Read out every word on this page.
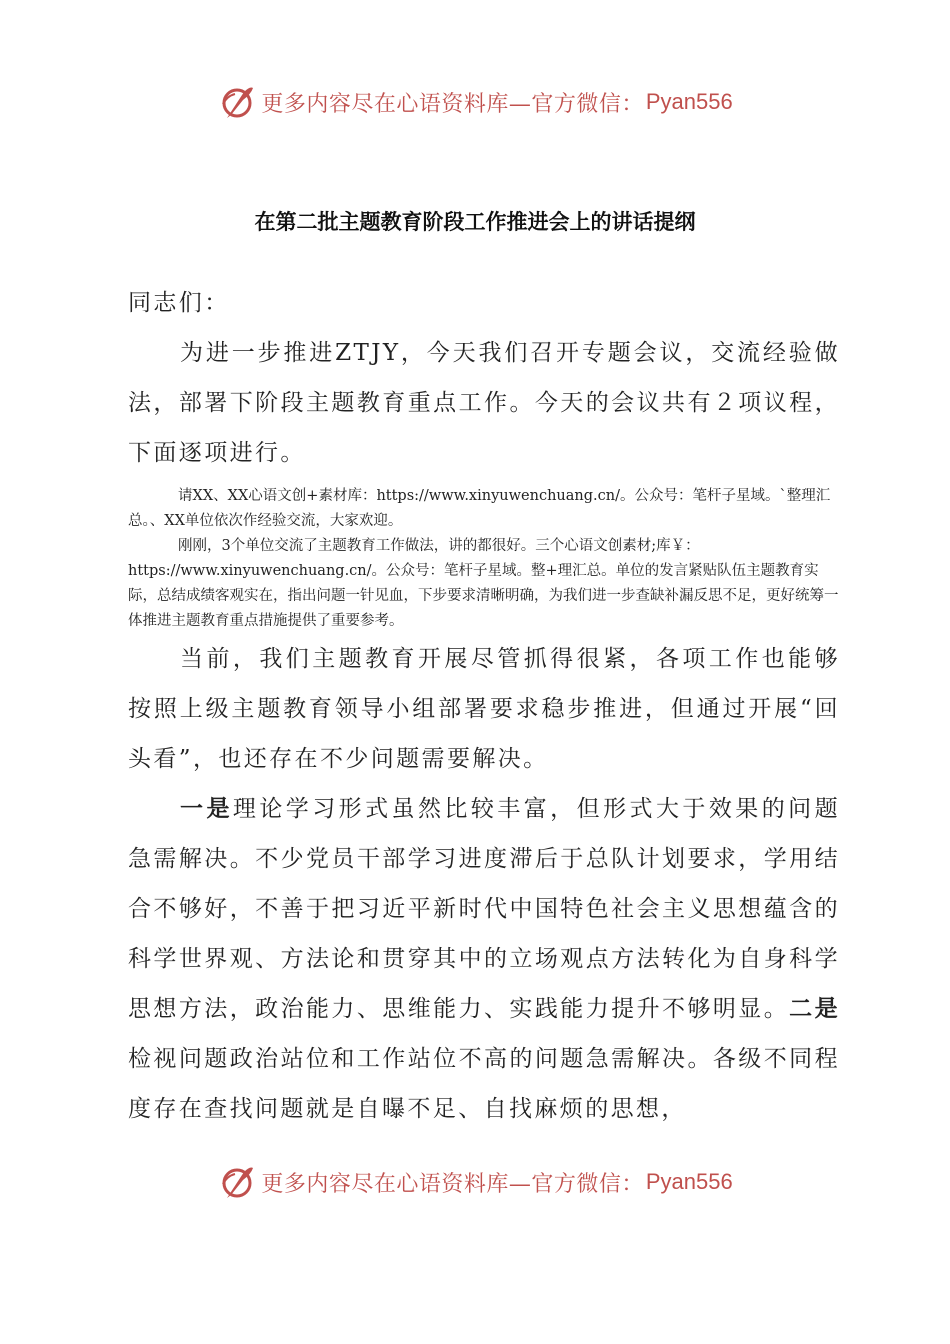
更多内容尽在心语资料库—官方微信： Pyan556
在第二批主题教育阶段工作推进会上的讲话提纲

同志们：

为进一步推进ZTJY，今天我们召开专题会议，交流经验做法，部署下阶段主题教育重点工作。今天的会议共有２项议程，下面逐项进行。

请XX、XX心语文创+素材库：https://www.xinyuwenchuang.cn/。公众号：笔杆子星域。`整理汇总。、XX单位依次作经验交流，大家欢迎。

刚刚，3个单位交流了主题教育工作做法，讲的都很好。三个心语文创素材;库￥：https://www.xinyuwenchuang.cn/。公众号：笔杆子星域。整+理汇总。单位的发言紧贴队伍主题教育实际，总结成绩客观实在，指出问题一针见血，下步要求清晰明确，为我们进一步查缺补漏反思不足，更好统筹一体推进主题教育重点措施提供了重要参考。

当前，我们主题教育开展尽管抓得很紧，各项工作也能够按照上级主题教育领导小组部署要求稳步推进，但通过开展“回头看”，也还存在不少问题需要解决。

一是理论学习形式虽然比较丰富，但形式大于效果的问题急需解决。不少党员干部学习进度滞后于总队计划要求，学用结合不够好，不善于把习近平新时代中国特色社会主义思想蕴含的科学世界观、方法论和贯穿其中的立场观点方法转化为自身科学思想方法，政治能力、思维能力、实践能力提升不够明显。二是检视问题政治站位和工作站位不高的问题急需解决。各级不同程度存在查找问题就是自曝不足、自找麻烦的思想，

更多内容尽在心语资料库—官方微信： Pyan556
